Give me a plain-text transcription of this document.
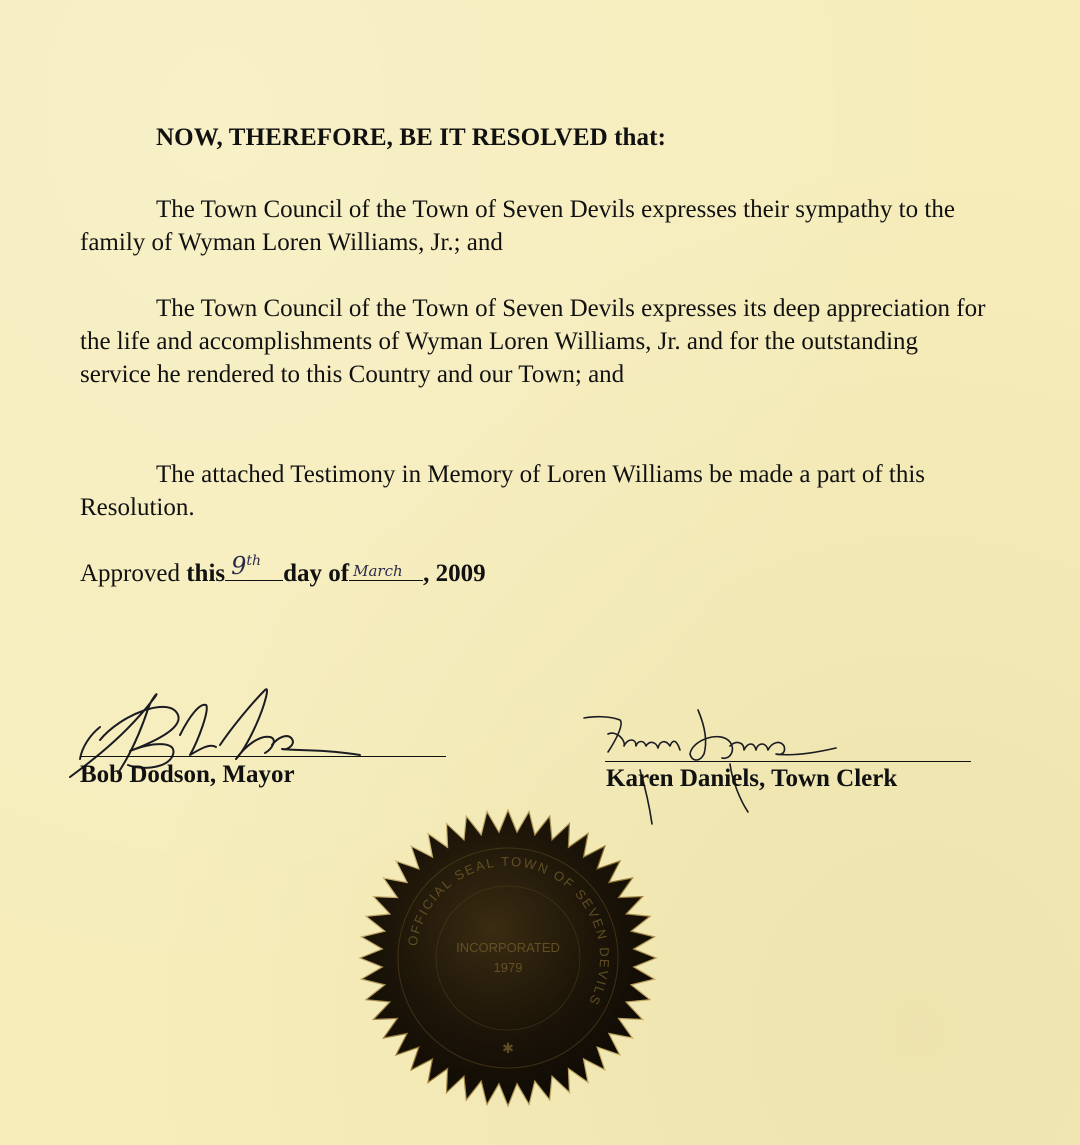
NOW, THEREFORE, BE IT RESOLVED that:

The Town Council of the Town of Seven Devils expresses their sympathy to the family of Wyman Loren Williams, Jr.; and

The Town Council of the Town of Seven Devils expresses its deep appreciation for the life and accomplishments of Wyman Loren Williams, Jr. and for the outstanding service he rendered to this Country and our Town; and

The attached Testimony in Memory of Loren Williams be made a part of this Resolution.

Approved this 9th day of March , 2009
Bob Dodson, Mayor	Karen Daniels, Town Clerk
OFFICIAL SEAL TOWN OF SEVEN DEVILS
INCORPORATED
1979
✱
